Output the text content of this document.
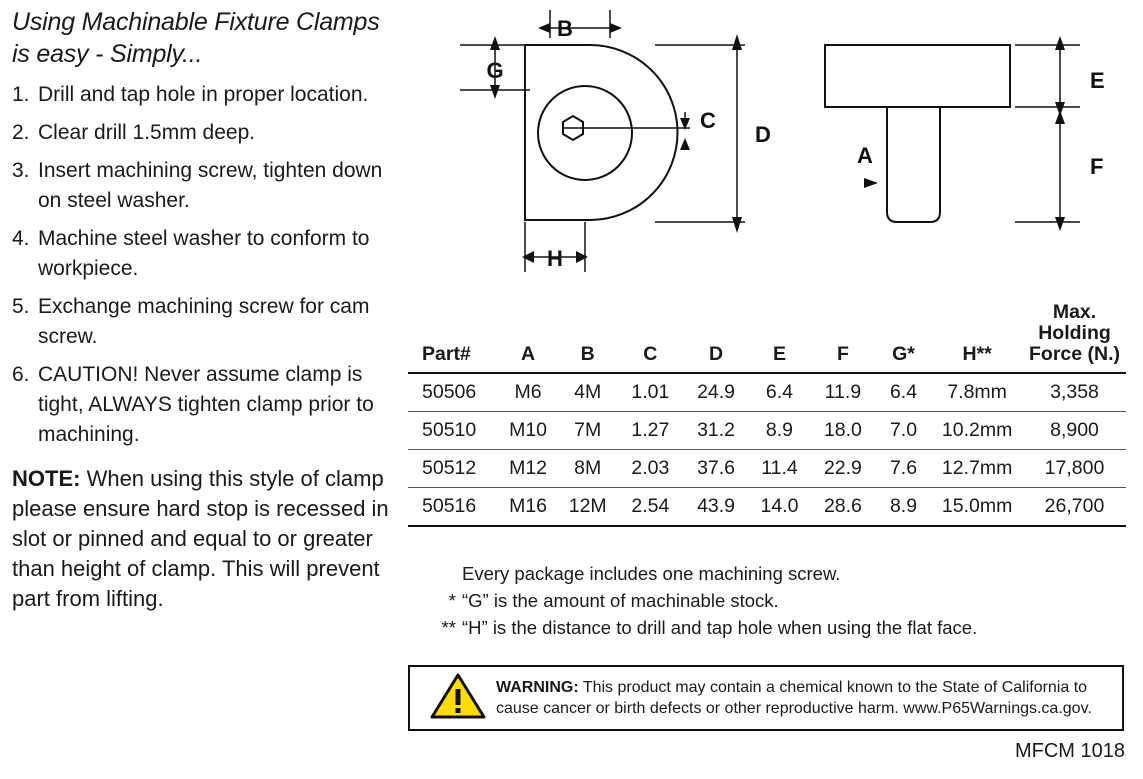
Using Machinable Fixture Clamps is easy - Simply...
1. Drill and tap hole in proper location.
2. Clear drill 1.5mm deep.
3. Insert machining screw, tighten down on steel washer.
4. Machine steel washer to conform to workpiece.
5. Exchange machining screw for cam screw.
6. CAUTION! Never assume clamp is tight, ALWAYS tighten clamp prior to machining.
NOTE: When using this style of clamp please ensure hard stop is recessed in slot or pinned and equal to or greater than height of clamp. This will prevent part from lifting.
B
G
C
D
H
A
E
F
Part#	A	B	C	D	E	F	G*	H**	Max.
Holding
Force (N.)

50506	M6	4M	1.01	24.9	6.4	11.9	6.4	7.8mm	3,358
50510	M10	7M	1.27	31.2	8.9	18.0	7.0	10.2mm	8,900
50512	M12	8M	2.03	37.6	11.4	22.9	7.6	12.7mm	17,800
50516	M16	12M	2.54	43.9	14.0	28.6	8.9	15.0mm	26,700
Every package includes one machining screw.
* “G” is the amount of machinable stock.
** “H” is the distance to drill and tap hole when using the flat face.
WARNING: This product may contain a chemical known to the State of California to cause cancer or birth defects or other reproductive harm. www.P65Warnings.ca.gov.
MFCM 1018
